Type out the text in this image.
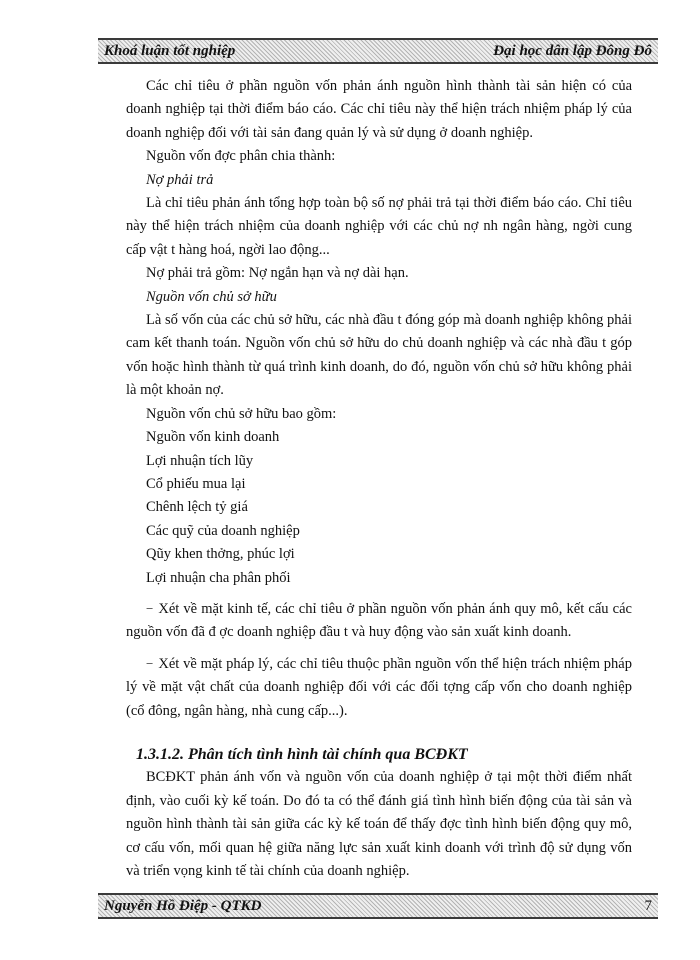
Khoá luận tốt nghiệp	Đại học dân lập Đông Đô

Các chỉ tiêu ở phần nguồn vốn phản ánh nguồn hình thành tài sản hiện có của doanh nghiệp tại thời điểm báo cáo. Các chỉ tiêu này thể hiện trách nhiệm pháp lý của doanh nghiệp đối với tài sản đang quản lý và sử dụng ở doanh nghiệp.

Nguồn vốn đợc phân chia thành:

Nợ phải trả

Là chỉ tiêu phản ánh tổng hợp toàn bộ số nợ phải trả tại thời điểm báo cáo. Chỉ tiêu này thể hiện trách nhiệm của doanh nghiệp với các chủ nợ nh ngân hàng, ngời cung cấp vật t hàng hoá, ngời lao động...

Nợ phải trả gồm: Nợ ngắn hạn và nợ dài hạn.

Nguồn vốn chủ sở hữu

Là số vốn của các chủ sở hữu, các nhà đầu t đóng góp mà doanh nghiệp không phải cam kết thanh toán. Nguồn vốn chủ sở hữu do chủ doanh nghiệp và các nhà đầu t góp vốn hoặc hình thành từ quá trình kinh doanh, do đó, nguồn vốn chủ sở hữu không phải là một khoản nợ.

Nguồn vốn chủ sở hữu bao gồm:

Nguồn vốn kinh doanh

Lợi nhuận tích lũy

Cổ phiếu mua lại

Chênh lệch tỷ giá

Các quỹ của doanh nghiệp

Qũy khen thởng, phúc lợi

Lợi nhuận cha phân phối

− Xét về mặt kinh tế, các chỉ tiêu ở phần nguồn vốn phản ánh quy mô, kết cấu các nguồn vốn đã đ ợc doanh nghiệp đầu t và huy động vào sản xuất kinh doanh.

− Xét về mặt pháp lý, các chỉ tiêu thuộc phần nguồn vốn thể hiện trách nhiệm pháp lý về mặt vật chất của doanh nghiệp đối với các đối tợng cấp vốn cho doanh nghiệp (cổ đông, ngân hàng, nhà cung cấp...).

1.3.1.2. Phân tích tình hình tài chính qua BCĐKT

BCĐKT phản ánh vốn và nguồn vốn của doanh nghiệp ở tại một thời điểm nhất định, vào cuối kỳ kế toán. Do đó ta có thể đánh giá tình hình biến động của tài sản và nguồn hình thành tài sản giữa các kỳ kế toán để thấy đợc tình hình biến động quy mô, cơ cấu vốn, mối quan hệ giữa năng lực sản xuất kinh doanh với trình độ sử dụng vốn và triển vọng kinh tế tài chính của doanh nghiệp.

Nguyễn Hồ Điệp - QTKD	7
